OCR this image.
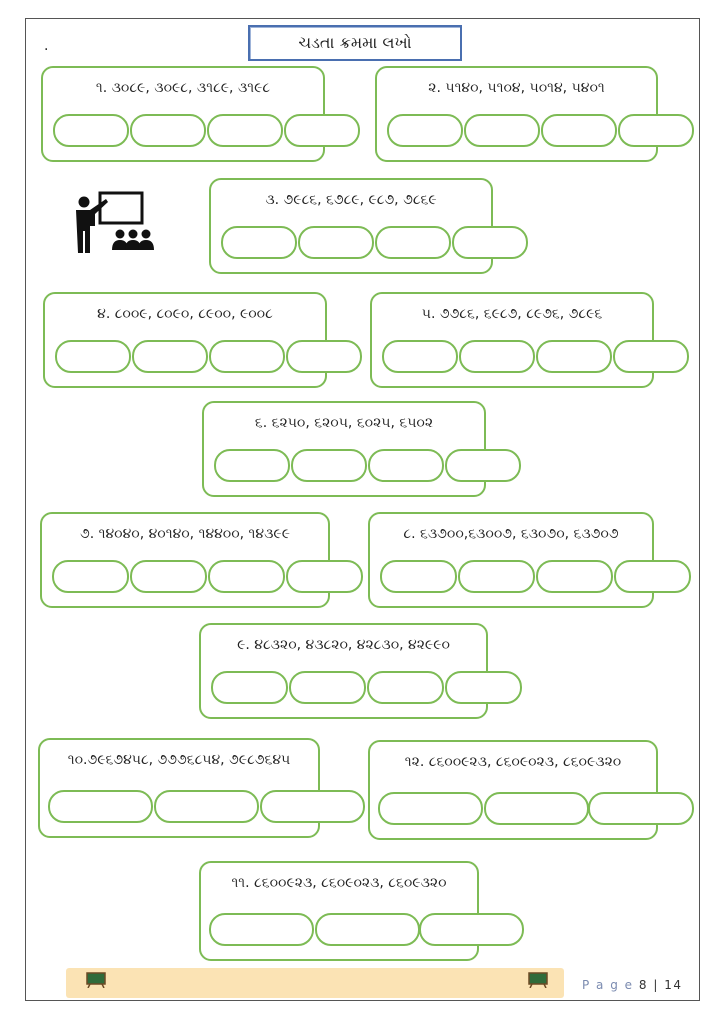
.	ચડતા ક્રમમા લખો
૧. ૩૦૮૯, ૩૦૯૮, ૩૧૮૯, ૩૧૯૮	૨. ૫૧૪૦, ૫૧૦૪, ૫૦૧૪, ૫૪૦૧
૩. ૭૯૮૬, ૬૭૮૯, ૯૮૭, ૭૮૬૯
૪. ૮૦૦૯, ૮૦૯૦, ૮૯૦૦, ૯૦૦૮	૫. ૭૭૮૬, ૬૯૮૭, ૮૯૭૬, ૭૮૯૬
૬. ૬૨૫૦, ૬૨૦૫, ૬૦૨૫, ૬૫૦૨
૭. ૧૪૦૪૦, ૪૦૧૪૦, ૧૪૪૦૦, ૧૪૩૯૯	૮. ૬૩૭૦૦,૬૩૦૦૭, ૬૩૦૭૦, ૬૩૭૦૭
૯. ૪૮૩૨૦, ૪૩૮૨૦, ૪૨૮૩૦, ૪૨૯૯૦
૧૦.૭૯૬૭૪૫૮, ૭૭૭૬૮૫૪, ૭૯૮૭૬૪૫	૧૨. ૮૬૦૦૯૨૩, ૮૬૦૯૦૨૩, ૮૬૦૯૩૨૦
૧૧. ૮૬૦૦૯૨૩, ૮૬૦૯૦૨૩, ૮૬૦૯૩૨૦
P a g e 8 | 14
